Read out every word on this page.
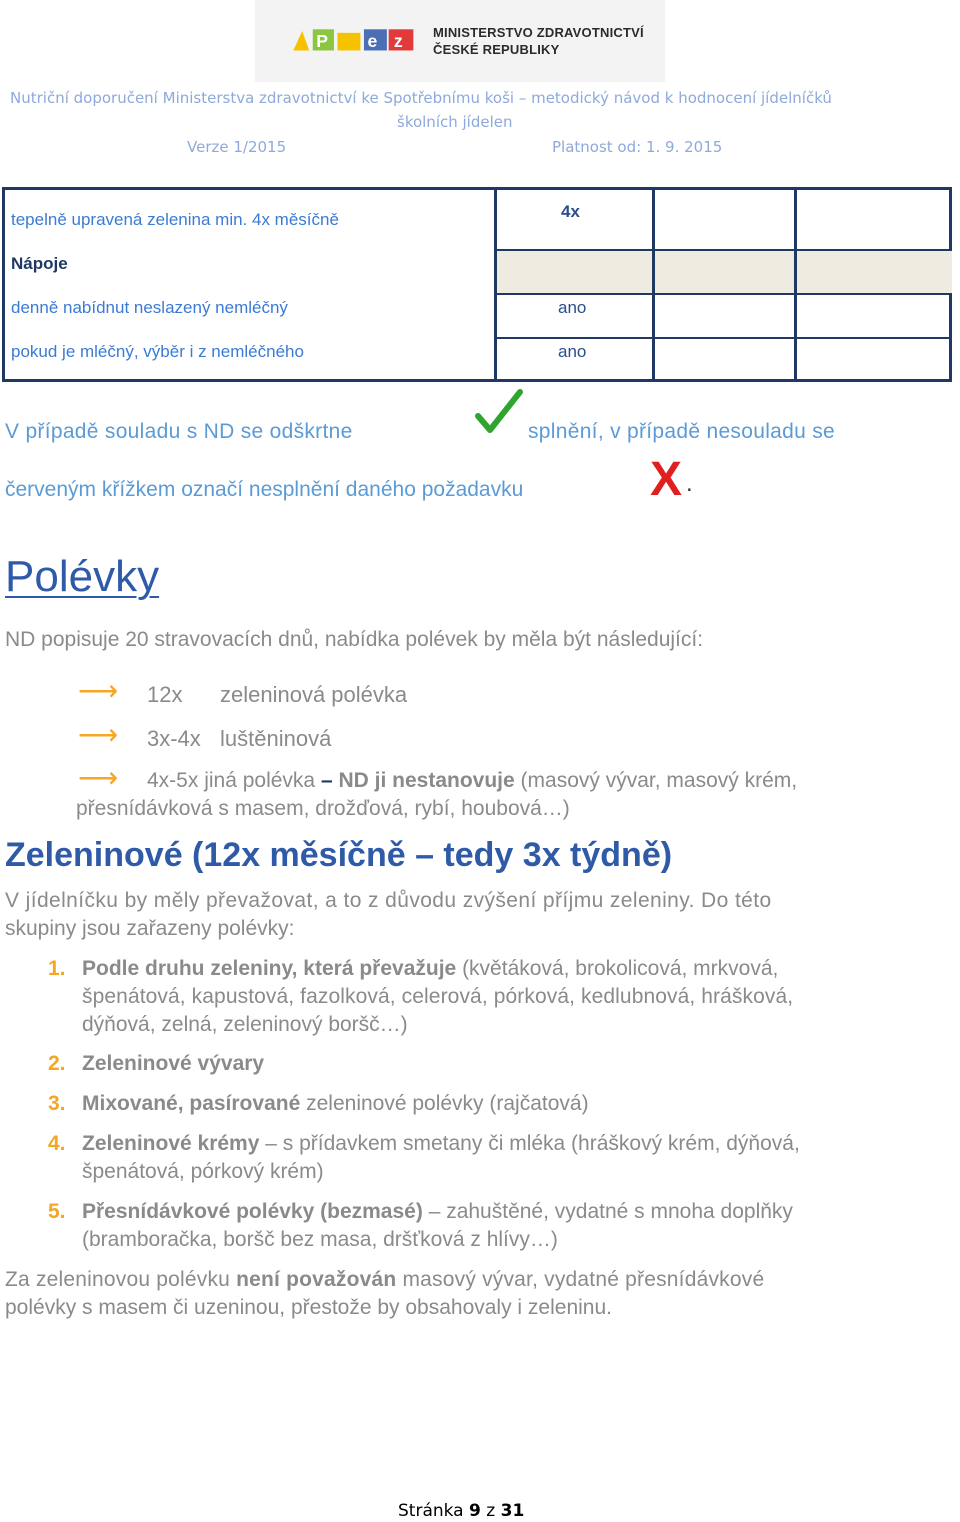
P e z MINISTERSTVO ZDRAVOTNICTVÍ
ČESKÉ REPUBLIKY
Nutriční doporučení Ministerstva zdravotnictví ke Spotřebnímu koši – metodický návod k hodnocení jídelníčků
školních jídelen
Verze 1/2015	Platnost od: 1. 9. 2015
tepelně upravená zelenina min. 4x měsíčně	4x
Nápoje
denně nabídnut neslazený nemléčný	ano
pokud je mléčný, výběr i z nemléčného	ano
V případě souladu s ND se odškrtne	splnění, v případě nesouladu se
červeným křížkem označí nesplnění daného požadavku	X .
Polévky
ND popisuje 20 stravovacích dnů, nabídka polévek by měla být následující:
⟶ 12x zeleninová polévka
⟶ 3x-4x luštěninová
⟶ 4x-5x jiná polévka – ND ji nestanovuje (masový vývar, masový krém,
přesnídávková s masem, drožďová, rybí, houbová…)
Zeleninové (12x měsíčně – tedy 3x týdně)
V jídelníčku by měly převažovat, a to z důvodu zvýšení příjmu zeleniny. Do této
skupiny jsou zařazeny polévky:
1. Podle druhu zeleniny, která převažuje (květáková, brokolicová, mrkvová,
špenátová, kapustová, fazolková, celerová, pórková, kedlubnová, hrášková,
dýňová, zelná, zeleninový boršč…)
2. Zeleninové vývary
3. Mixované, pasírované zeleninové polévky (rajčatová)
4. Zeleninové krémy – s přídavkem smetany či mléka (hráškový krém, dýňová,
špenátová, pórkový krém)
5. Přesnídávkové polévky (bezmasé) – zahuštěné, vydatné s mnoha doplňky
(bramboračka, boršč bez masa, dršťková z hlívy…)
Za zeleninovou polévku není považován masový vývar, vydatné přesnídávkové
polévky s masem či uzeninou, přestože by obsahovaly i zeleninu.
Stránka 9 z 31
